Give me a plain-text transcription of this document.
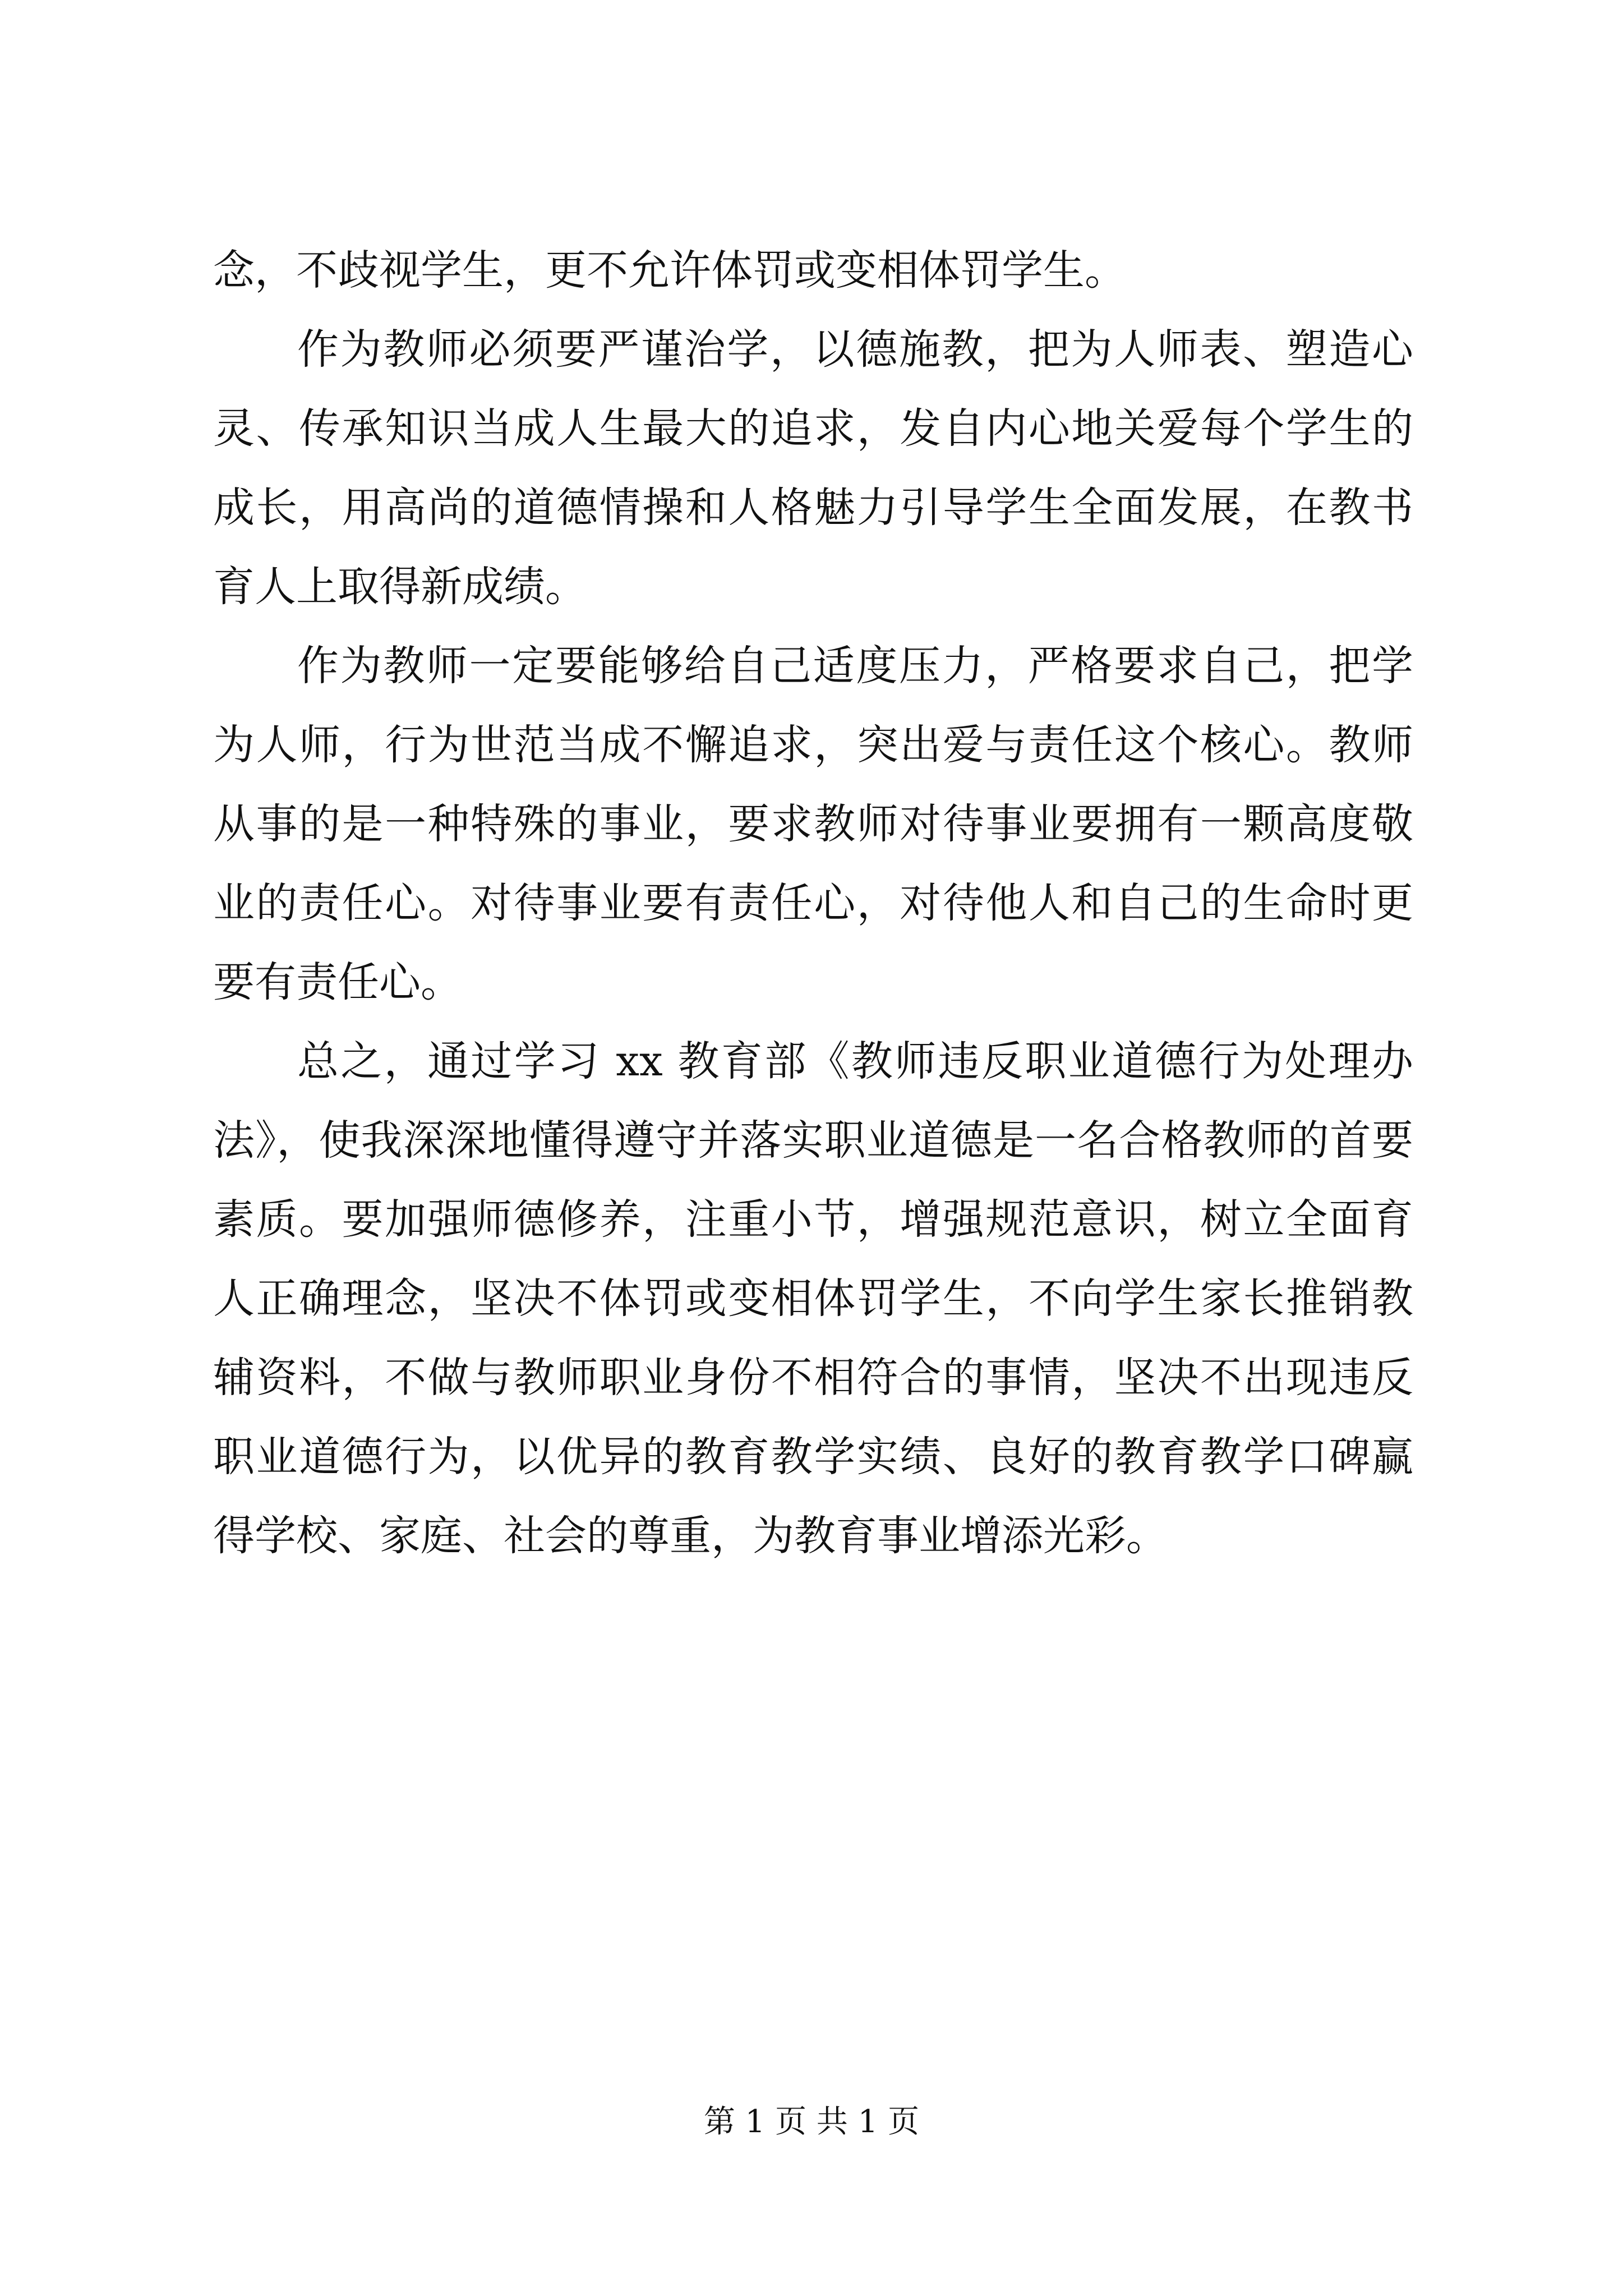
念，不歧视学生，更不允许体罚或变相体罚学生。

作为教师必须要严谨治学，以德施教，把为人师表、塑造心灵、传承知识当成人生最大的追求，发自内心地关爱每个学生的成长，用高尚的道德情操和人格魅力引导学生全面发展，在教书育人上取得新成绩。

作为教师一定要能够给自己适度压力，严格要求自己，把学为人师，行为世范当成不懈追求，突出爱与责任这个核心。教师从事的是一种特殊的事业，要求教师对待事业要拥有一颗高度敬业的责任心。对待事业要有责任心，对待他人和自己的生命时更要有责任心。

总之，通过学习 xx 教育部《教师违反职业道德行为处理办法》，使我深深地懂得遵守并落实职业道德是一名合格教师的首要素质。要加强师德修养，注重小节，增强规范意识，树立全面育人正确理念，坚决不体罚或变相体罚学生，不向学生家长推销教辅资料，不做与教师职业身份不相符合的事情，坚决不出现违反职业道德行为，以优异的教育教学实绩、良好的教育教学口碑赢得学校、家庭、社会的尊重，为教育事业增添光彩。

第 1 页 共 1 页
